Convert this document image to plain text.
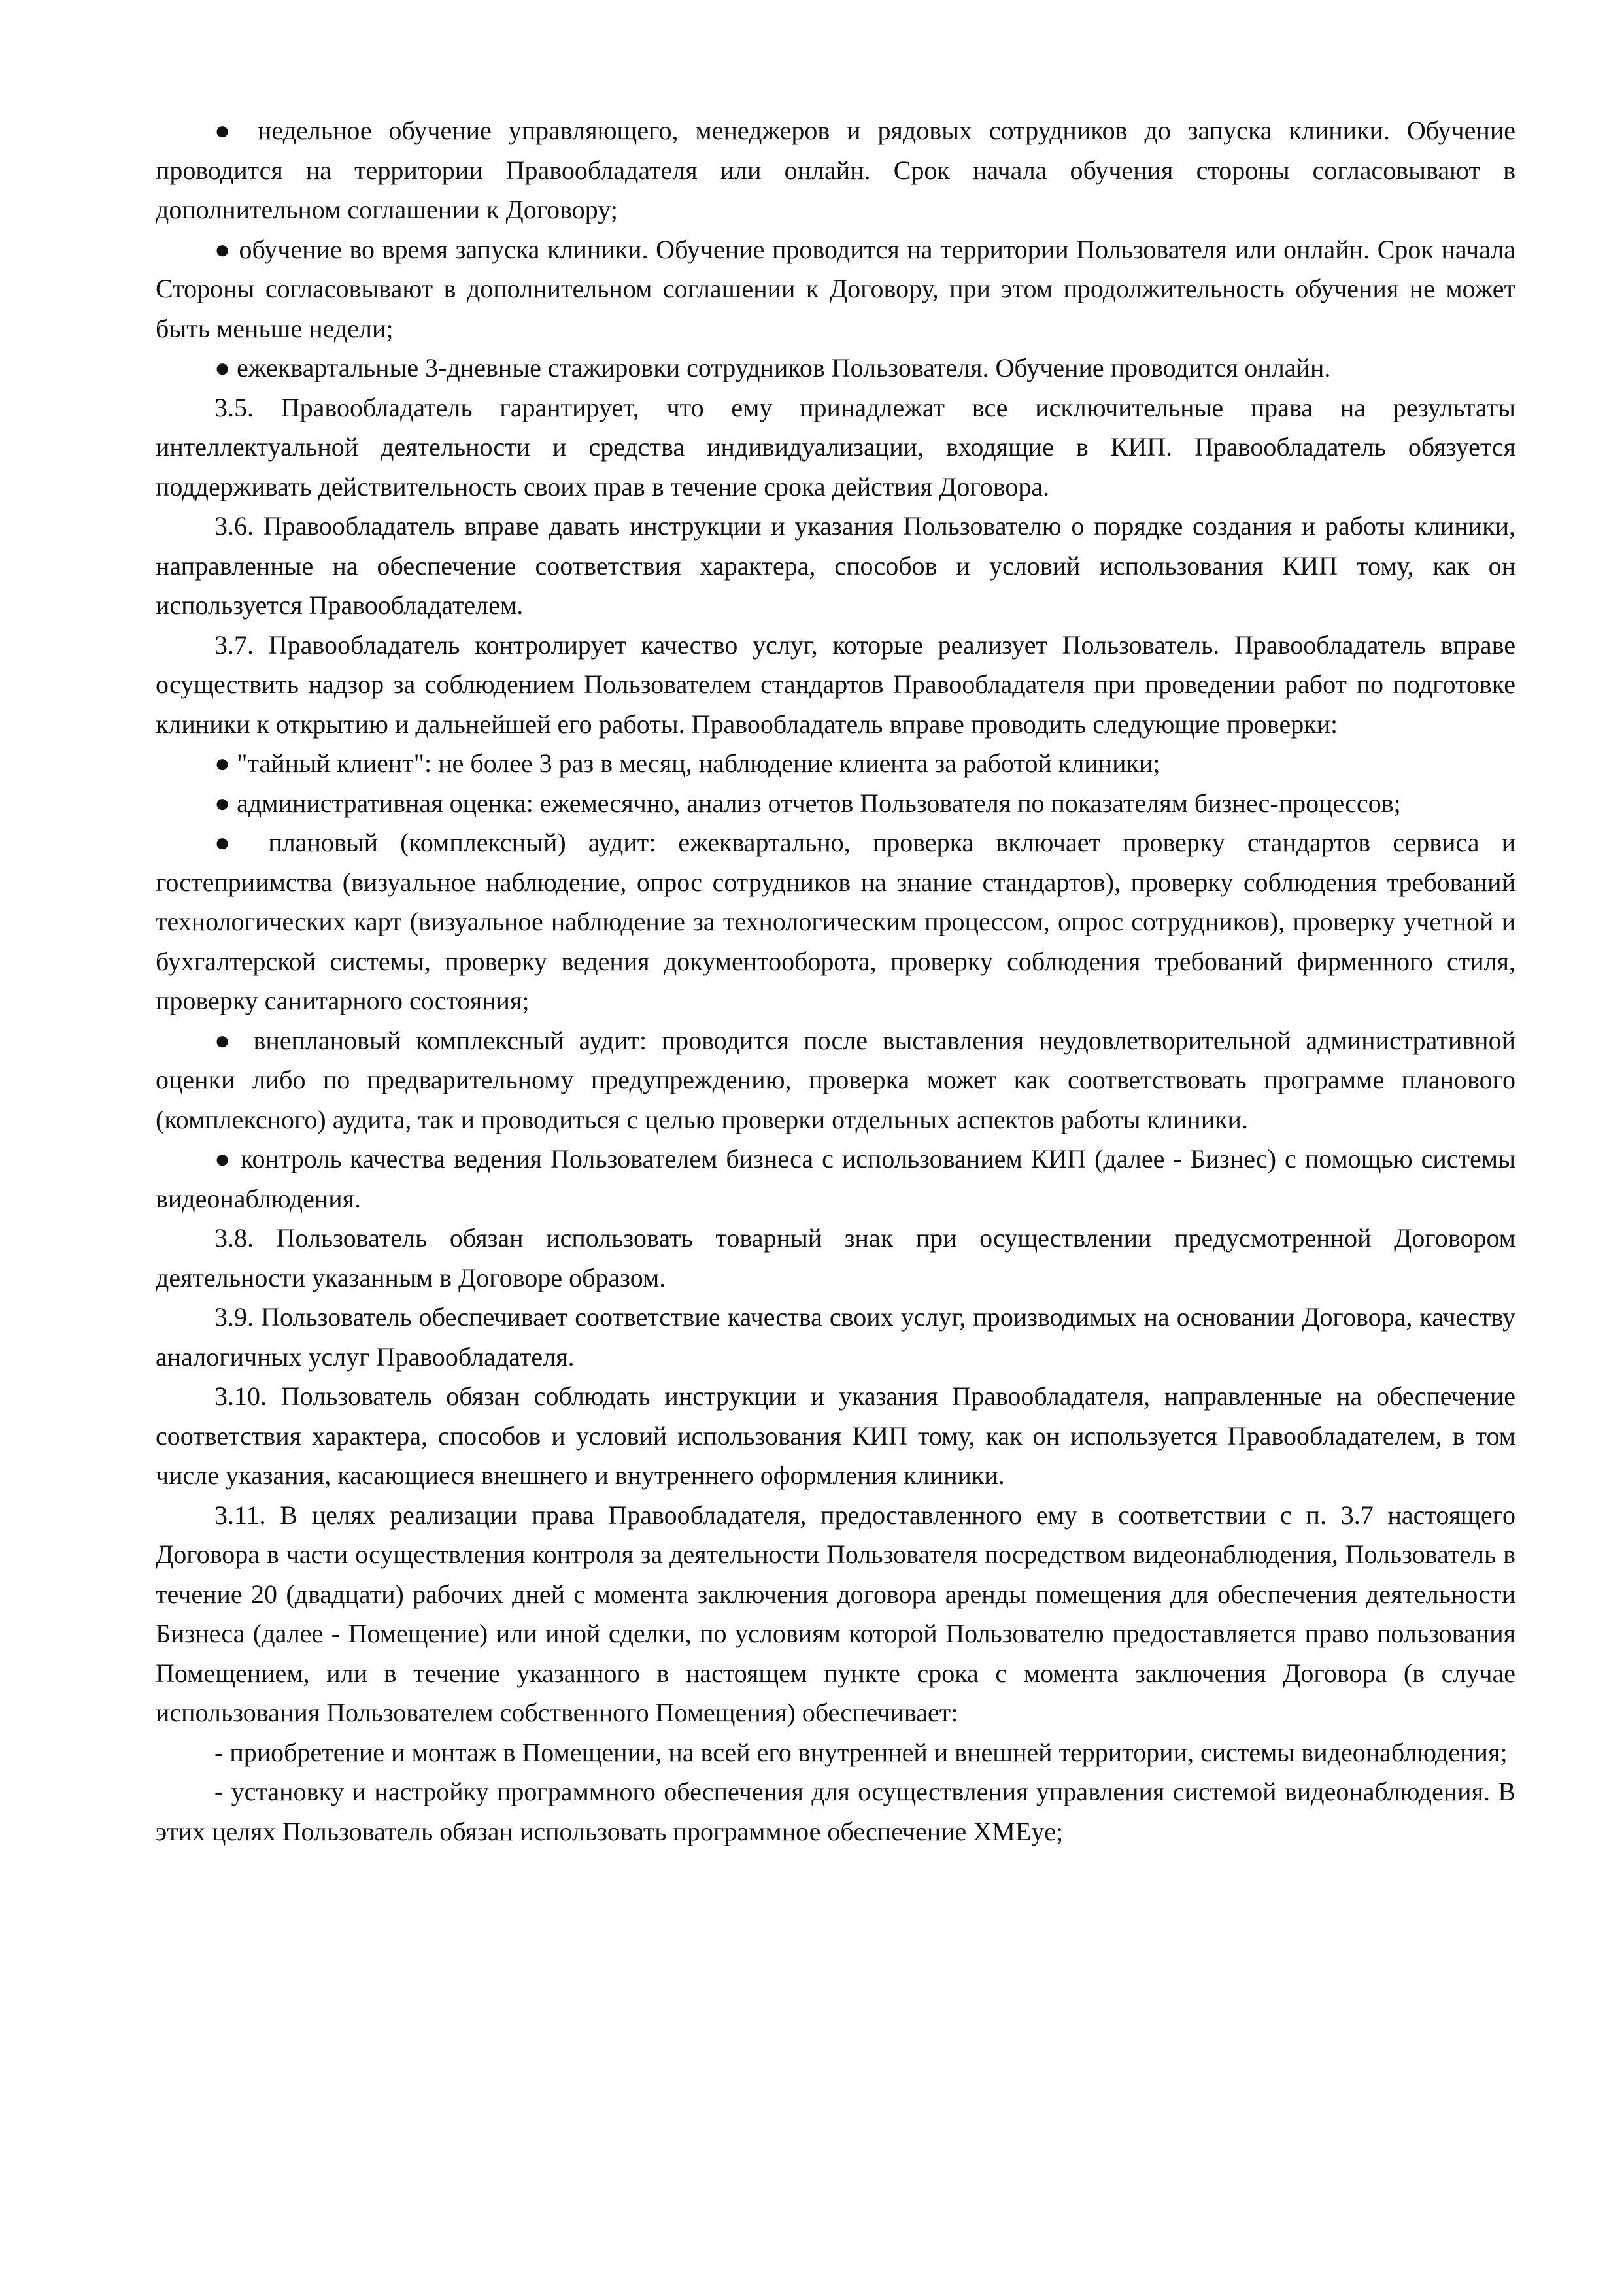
● недельное обучение управляющего, менеджеров и рядовых сотрудников до запуска клиники. Обучение проводится на территории Правообладателя или онлайн. Срок начала обучения стороны согласовывают в дополнительном соглашении к Договору;

● обучение во время запуска клиники. Обучение проводится на территории Пользователя или онлайн. Срок начала Стороны согласовывают в дополнительном соглашении к Договору, при этом продолжительность обучения не может быть меньше недели;

● ежеквартальные 3-дневные стажировки сотрудников Пользователя. Обучение проводится онлайн.

3.5. Правообладатель гарантирует, что ему принадлежат все исключительные права на результаты интеллектуальной деятельности и средства индивидуализации, входящие в КИП. Правообладатель обязуется поддерживать действительность своих прав в течение срока действия Договора.

3.6. Правообладатель вправе давать инструкции и указания Пользователю о порядке создания и работы клиники, направленные на обеспечение соответствия характера, способов и условий использования КИП тому, как он используется Правообладателем.

3.7. Правообладатель контролирует качество услуг, которые реализует Пользователь. Правообладатель вправе осуществить надзор за соблюдением Пользователем стандартов Правообладателя при проведении работ по подготовке клиники к открытию и дальнейшей его работы. Правообладатель вправе проводить следующие проверки:

● "тайный клиент": не более 3 раз в месяц, наблюдение клиента за работой клиники;

● административная оценка: ежемесячно, анализ отчетов Пользователя по показателям бизнес-процессов;

● плановый (комплексный) аудит: ежеквартально, проверка включает проверку стандартов сервиса и гостеприимства (визуальное наблюдение, опрос сотрудников на знание стандартов), проверку соблюдения требований технологических карт (визуальное наблюдение за технологическим процессом, опрос сотрудников), проверку учетной и бухгалтерской системы, проверку ведения документооборота, проверку соблюдения требований фирменного стиля, проверку санитарного состояния;

● внеплановый комплексный аудит: проводится после выставления неудовлетворительной административной оценки либо по предварительному предупреждению, проверка может как соответствовать программе планового (комплексного) аудита, так и проводиться с целью проверки отдельных аспектов работы клиники.

● контроль качества ведения Пользователем бизнеса с использованием КИП (далее - Бизнес) с помощью системы видеонаблюдения.

3.8. Пользователь обязан использовать товарный знак при осуществлении предусмотренной Договором деятельности указанным в Договоре образом.

3.9. Пользователь обеспечивает соответствие качества своих услуг, производимых на основании Договора, качеству аналогичных услуг Правообладателя.

3.10. Пользователь обязан соблюдать инструкции и указания Правообладателя, направленные на обеспечение соответствия характера, способов и условий использования КИП тому, как он используется Правообладателем, в том числе указания, касающиеся внешнего и внутреннего оформления клиники.

3.11. В целях реализации права Правообладателя, предоставленного ему в соответствии с п. 3.7 настоящего Договора в части осуществления контроля за деятельности Пользователя посредством видеонаблюдения, Пользователь в течение 20 (двадцати) рабочих дней с момента заключения договора аренды помещения для обеспечения деятельности Бизнеса (далее - Помещение) или иной сделки, по условиям которой Пользователю предоставляется право пользования Помещением, или в течение указанного в настоящем пункте срока с момента заключения Договора (в случае использования Пользователем собственного Помещения) обеспечивает:

- приобретение и монтаж в Помещении, на всей его внутренней и внешней территории, системы видеонаблюдения;

- установку и настройку программного обеспечения для осуществления управления системой видеонаблюдения. В этих целях Пользователь обязан использовать программное обеспечение XMEye;
